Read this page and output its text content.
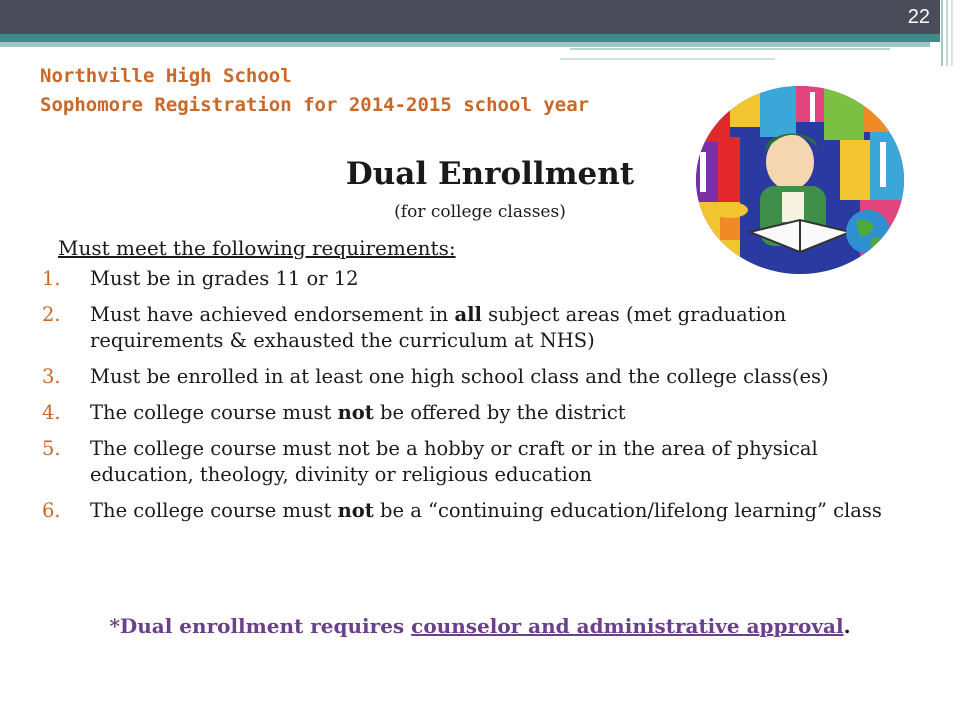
22
Northville High School
Sophomore Registration for 2014-2015 school year
Dual Enrollment
(for college classes)
Must meet the following requirements:
1. Must be in grades 11 or 12
2. Must have achieved endorsement in all subject areas (met graduation requirements & exhausted the curriculum at NHS)
3. Must be enrolled in at least one high school class and the college class(es)
4. The college course must not be offered by the district
5. The college course must not be a hobby or craft or in the area of physical education, theology, divinity or religious education
6. The college course must not be a “continuing education/lifelong learning” class
*Dual enrollment requires counselor and administrative approval.
